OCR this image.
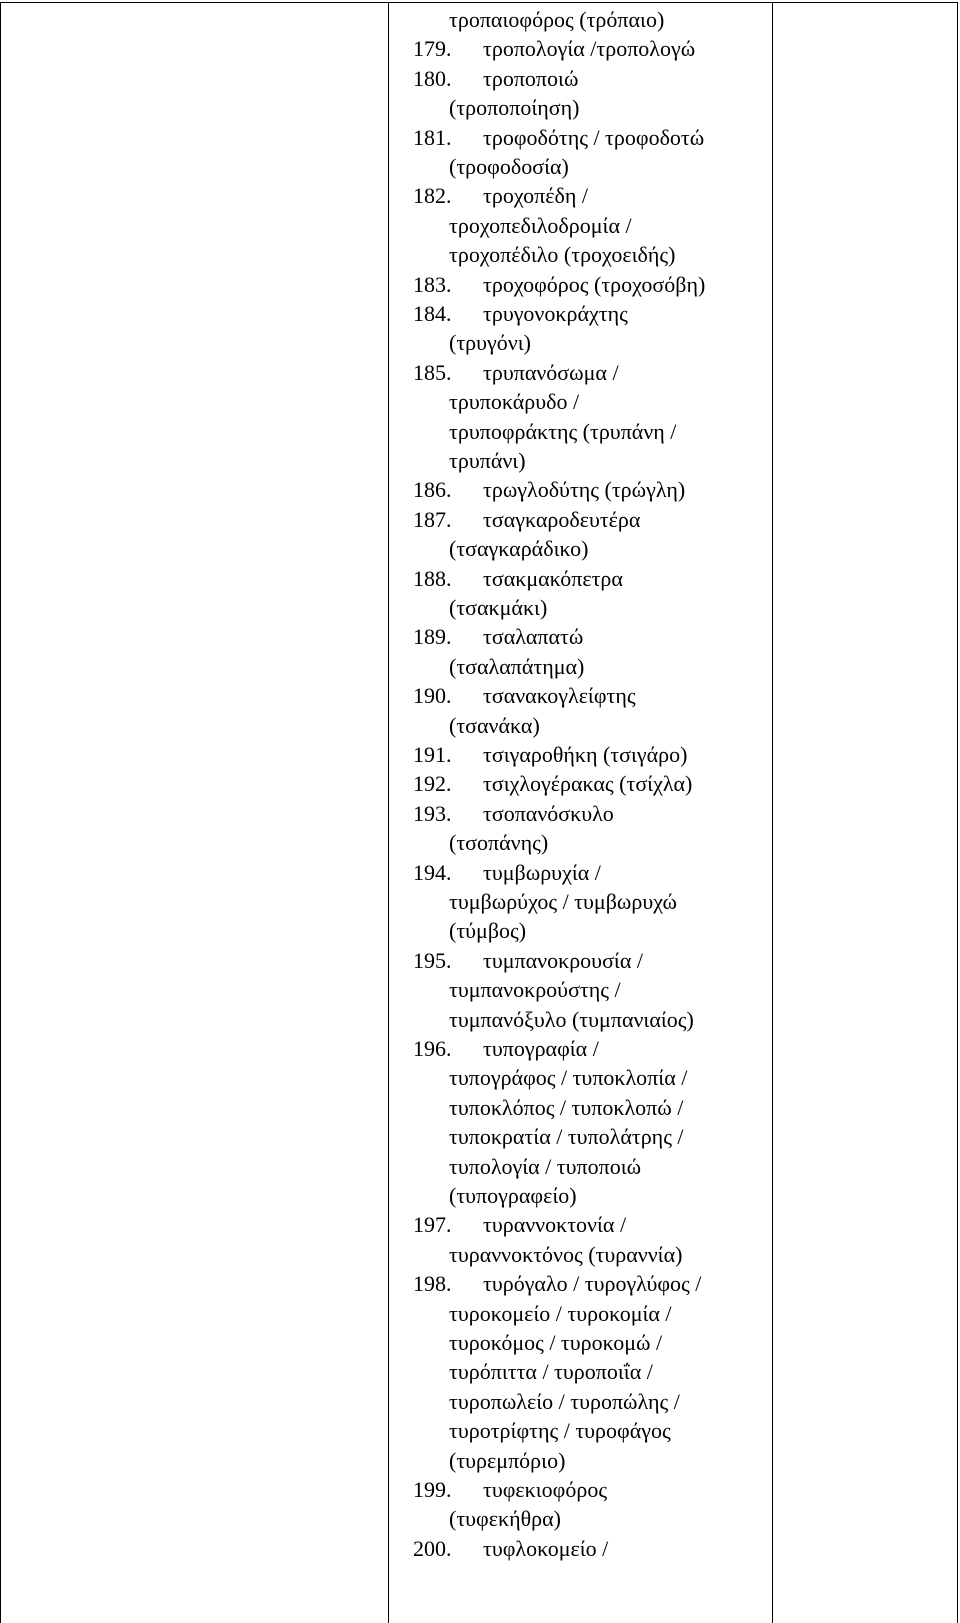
τροπαιοφόρος (τρόπαιο)
179. τροπολογία /τροπολογώ
180. τροποποιώ
(τροποποίηση)
181. τροφοδότης / τροφοδοτώ
(τροφοδοσία)
182. τροχοπέδη /
τροχοπεδιλοδρομία /
τροχοπέδιλο (τροχοειδής)
183. τροχοφόρος (τροχοσόβη)
184. τρυγονοκράχτης
(τρυγόνι)
185. τρυπανόσωμα /
τρυποκάρυδο /
τρυποφράκτης (τρυπάνη /
τρυπάνι)
186. τρωγλοδύτης (τρώγλη)
187. τσαγκαροδευτέρα
(τσαγκαράδικο)
188. τσακμακόπετρα
(τσακμάκι)
189. τσαλαπατώ
(τσαλαπάτημα)
190. τσανακογλείφτης
(τσανάκα)
191. τσιγαροθήκη (τσιγάρο)
192. τσιχλογέρακας (τσίχλα)
193. τσοπανόσκυλο
(τσοπάνης)
194. τυμβωρυχία /
τυμβωρύχος / τυμβωρυχώ
(τύμβος)
195. τυμπανοκρουσία /
τυμπανοκρούστης /
τυμπανόξυλο (τυμπανιαίος)
196. τυπογραφία /
τυπογράφος / τυποκλοπία /
τυποκλόπος / τυποκλοπώ /
τυποκρατία / τυπολάτρης /
τυπολογία / τυποποιώ
(τυπογραφείο)
197. τυραννοκτονία /
τυραννοκτόνος (τυραννία)
198. τυρόγαλο / τυρογλύφος /
τυροκομείο / τυροκομία /
τυροκόμος / τυροκομώ /
τυρόπιττα / τυροποιΐα /
τυροπωλείο / τυροπώλης /
τυροτρίφτης / τυροφάγος
(τυρεμπόριο)
199. τυφεκιοφόρος
(τυφεκήθρα)
200. τυφλοκομείο /
